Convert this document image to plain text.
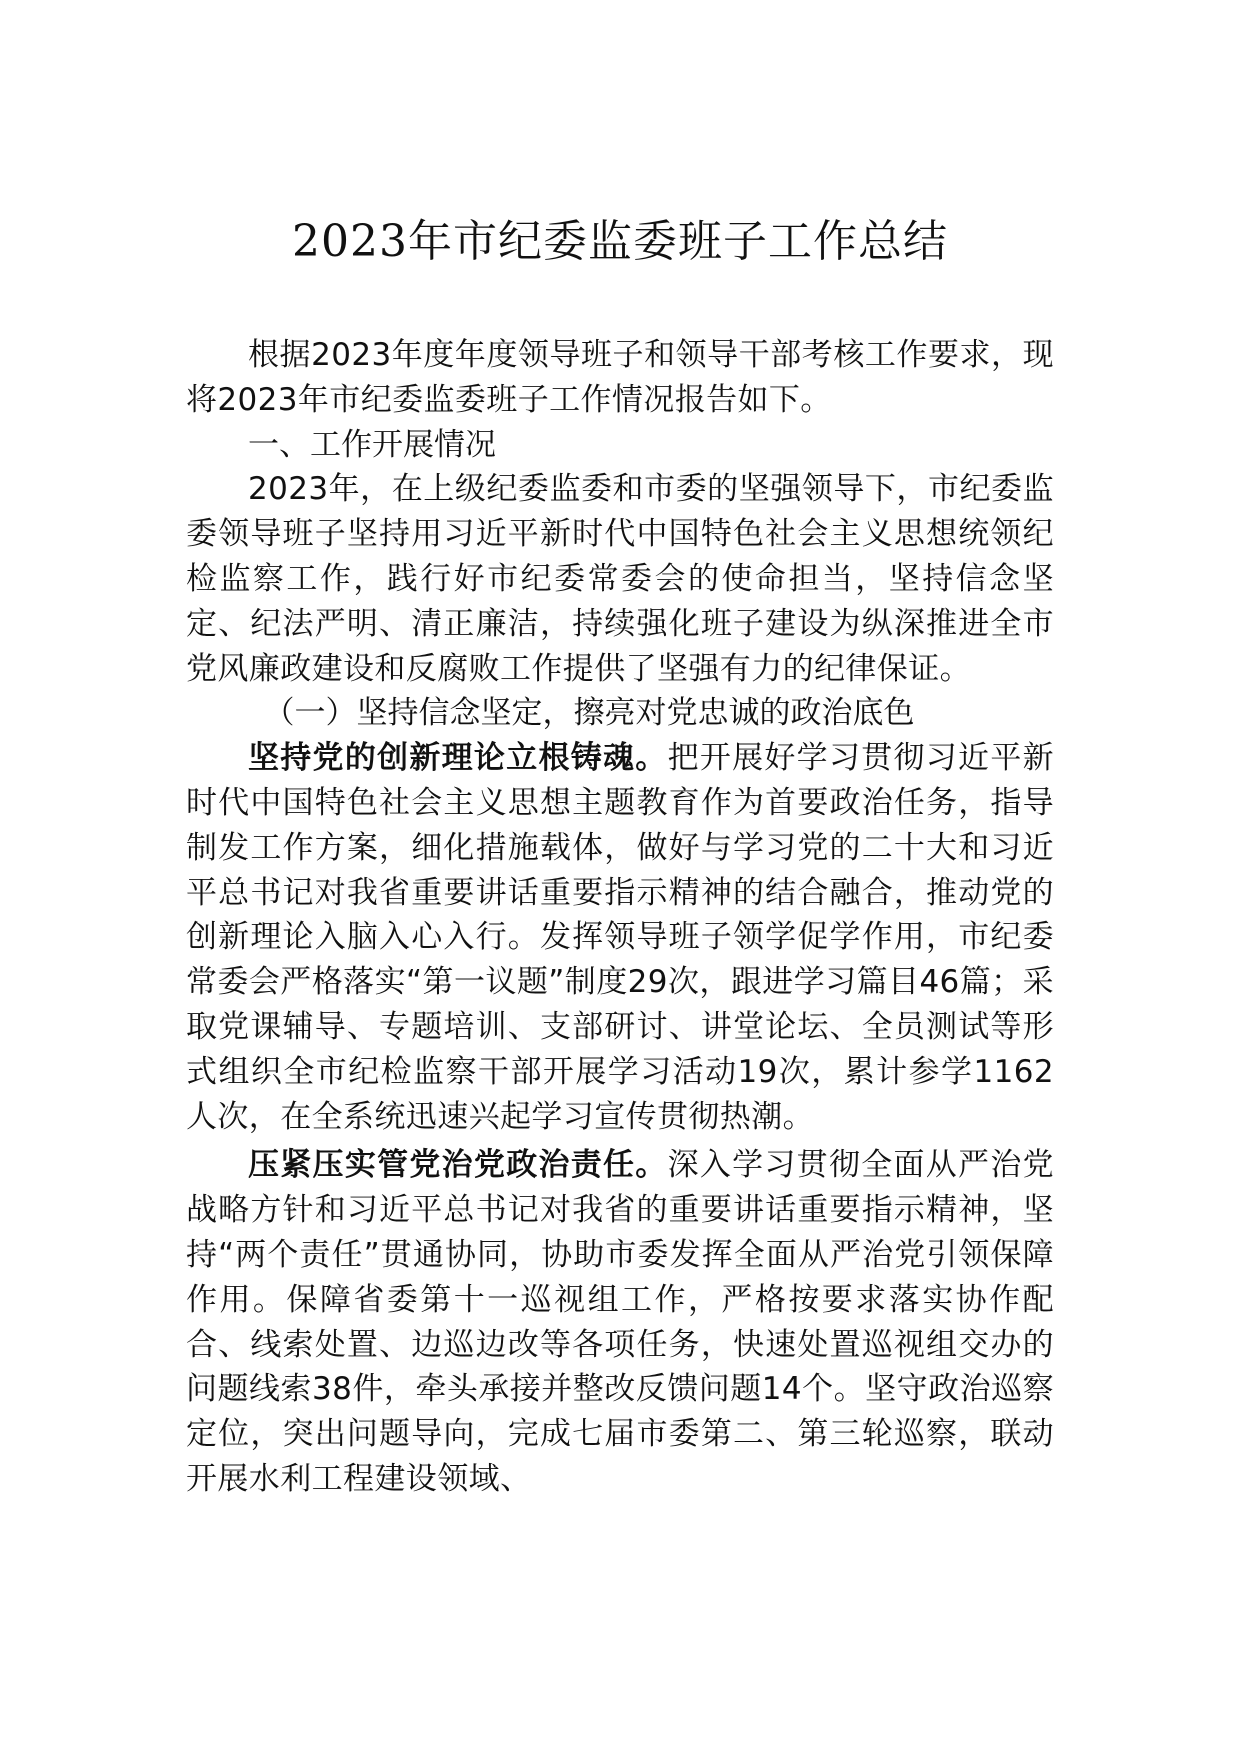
2023年市纪委监委班子工作总结

根据2023年度年度领导班子和领导干部考核工作要求，现将2023年市纪委监委班子工作情况报告如下。

一、工作开展情况

2023年，在上级纪委监委和市委的坚强领导下，市纪委监委领导班子坚持用习近平新时代中国特色社会主义思想统领纪检监察工作，践行好市纪委常委会的使命担当，坚持信念坚定、纪法严明、清正廉洁，持续强化班子建设为纵深推进全市党风廉政建设和反腐败工作提供了坚强有力的纪律保证。

（一）坚持信念坚定，擦亮对党忠诚的政治底色

坚持党的创新理论立根铸魂。把开展好学习贯彻习近平新时代中国特色社会主义思想主题教育作为首要政治任务，指导制发工作方案，细化措施载体，做好与学习党的二十大和习近平总书记对我省重要讲话重要指示精神的结合融合，推动党的创新理论入脑入心入行。发挥领导班子领学促学作用，市纪委常委会严格落实“第一议题”制度29次，跟进学习篇目46篇；采取党课辅导、专题培训、支部研讨、讲堂论坛、全员测试等形式组织全市纪检监察干部开展学习活动19次，累计参学1162人次，在全系统迅速兴起学习宣传贯彻热潮。

压紧压实管党治党政治责任。深入学习贯彻全面从严治党战略方针和习近平总书记对我省的重要讲话重要指示精神，坚持“两个责任”贯通协同，协助市委发挥全面从严治党引领保障作用。保障省委第十一巡视组工作，严格按要求落实协作配合、线索处置、边巡边改等各项任务，快速处置巡视组交办的问题线索38件，牵头承接并整改反馈问题14个。坚守政治巡察定位，突出问题导向，完成七届市委第二、第三轮巡察，联动开展水利工程建设领域、
